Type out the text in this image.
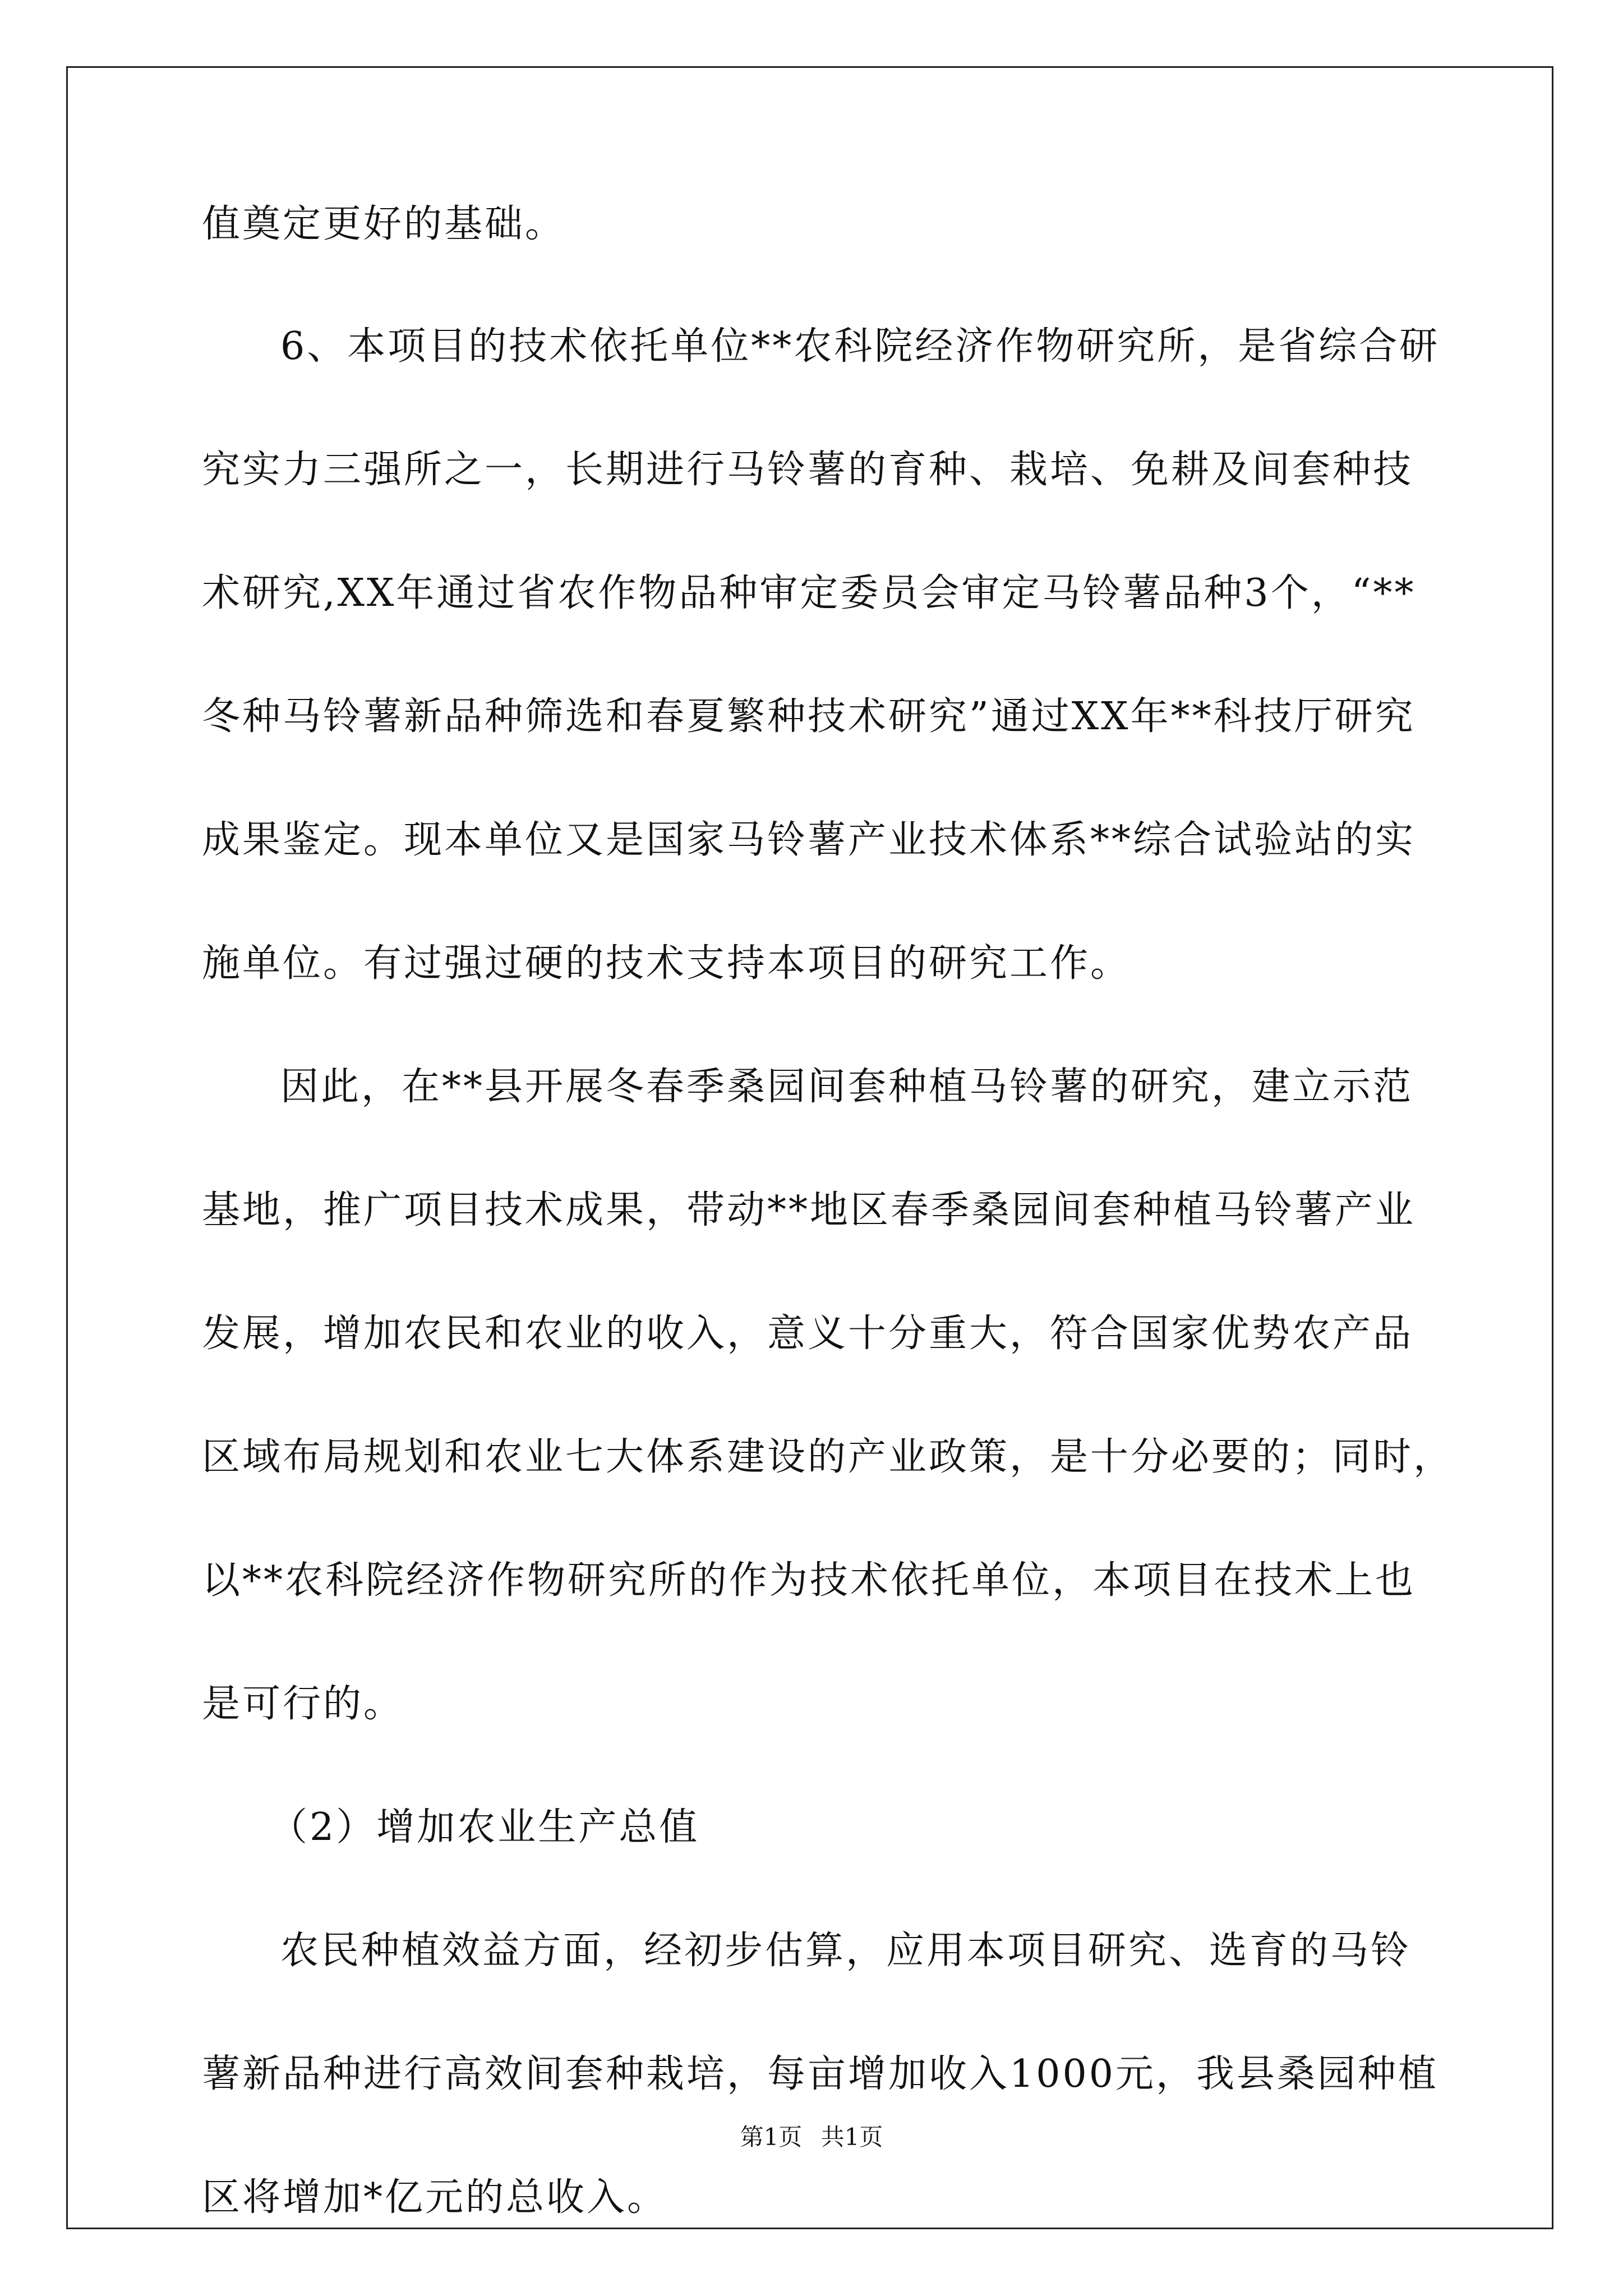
值奠定更好的基础。
6、本项目的技术依托单位**农科院经济作物研究所，是省综合研
究实力三强所之一，长期进行马铃薯的育种、栽培、免耕及间套种技
术研究,XX年通过省农作物品种审定委员会审定马铃薯品种3个，“**
冬种马铃薯新品种筛选和春夏繁种技术研究”通过XX年**科技厅研究
成果鉴定。现本单位又是国家马铃薯产业技术体系**综合试验站的实
施单位。有过强过硬的技术支持本项目的研究工作。
因此，在**县开展冬春季桑园间套种植马铃薯的研究，建立示范
基地，推广项目技术成果，带动**地区春季桑园间套种植马铃薯产业
发展，增加农民和农业的收入，意义十分重大，符合国家优势农产品
区域布局规划和农业七大体系建设的产业政策，是十分必要的；同时，
以**农科院经济作物研究所的作为技术依托单位，本项目在技术上也
是可行的。
（2）增加农业生产总值
农民种植效益方面，经初步估算，应用本项目研究、选育的马铃
薯新品种进行高效间套种栽培，每亩增加收入1000元，我县桑园种植
区将增加*亿元的总收入。
第1页 共1页
